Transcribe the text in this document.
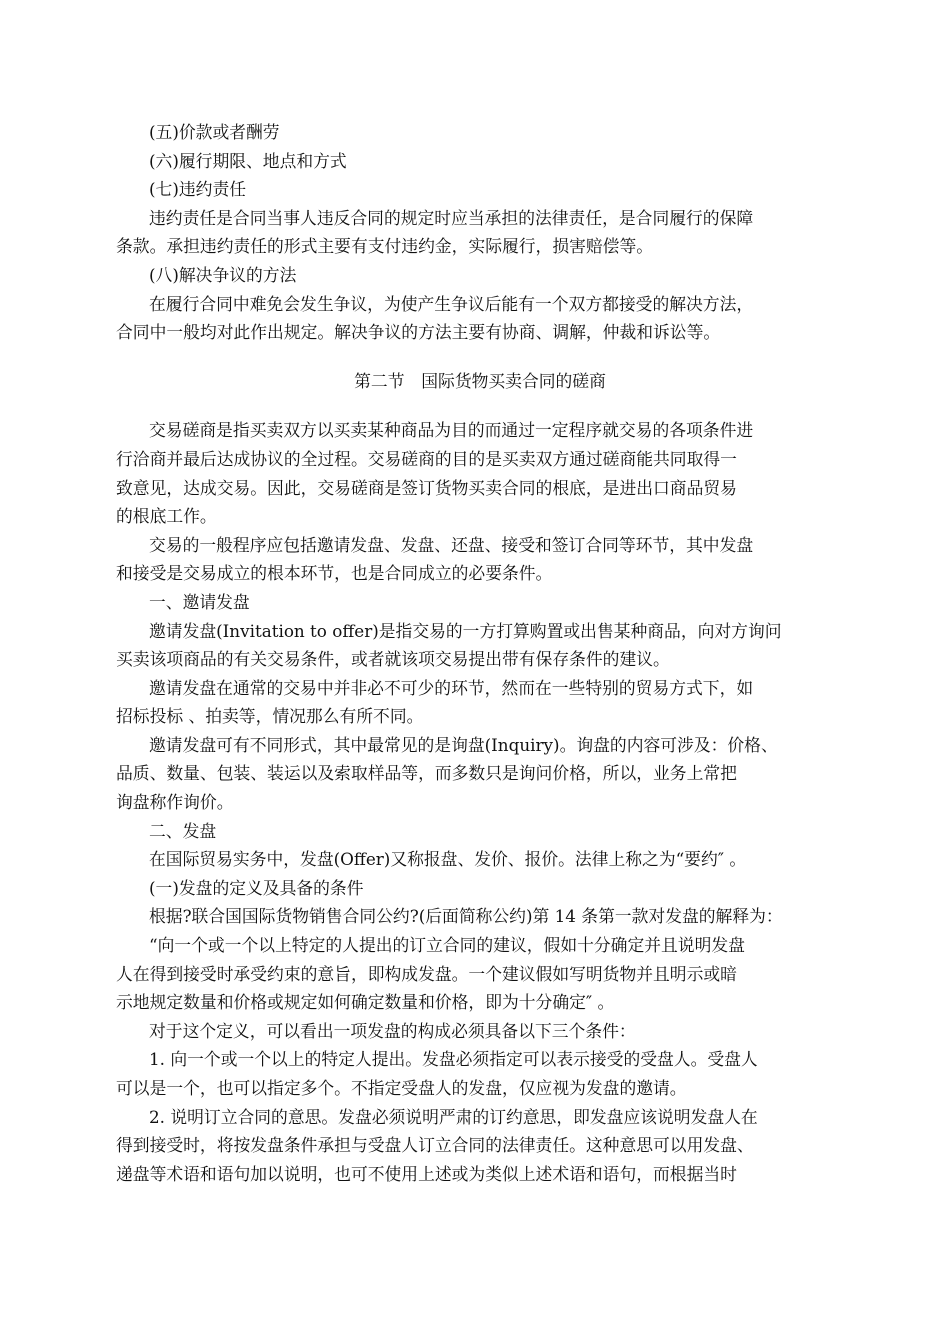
(五)价款或者酬劳

(六)履行期限、地点和方式

(七)违约责任

违约责任是合同当事人违反合同的规定时应当承担的法律责任，是合同履行的保障

条款。承担违约责任的形式主要有支付违约金，实际履行，损害赔偿等。

(八)解决争议的方法

在履行合同中难免会发生争议，为使产生争议后能有一个双方都接受的解决方法，

合同中一般均对此作出规定。解决争议的方法主要有协商、调解，仲裁和诉讼等。

第二节　国际货物买卖合同的磋商

交易磋商是指买卖双方以买卖某种商品为目的而通过一定程序就交易的各项条件进

行洽商并最后达成协议的全过程。交易磋商的目的是买卖双方通过磋商能共同取得一

致意见，达成交易。因此，交易磋商是签订货物买卖合同的根底，是进出口商品贸易

的根底工作。

交易的一般程序应包括邀请发盘、发盘、还盘、接受和签订合同等环节，其中发盘

和接受是交易成立的根本环节，也是合同成立的必要条件。

一、邀请发盘

邀请发盘(Invitation to offer)是指交易的一方打算购置或出售某种商品，向对方询问

买卖该项商品的有关交易条件，或者就该项交易提出带有保存条件的建议。

邀请发盘在通常的交易中并非必不可少的环节，然而在一些特别的贸易方式下，如

招标投标 、拍卖等，情况那么有所不同。

邀请发盘可有不同形式，其中最常见的是询盘(Inquiry)。询盘的内容可涉及：价格、

品质、数量、包装、装运以及索取样品等，而多数只是询问价格，所以，业务上常把

询盘称作询价。

二、发盘

在国际贸易实务中，发盘(Offer)又称报盘、发价、报价。法律上称之为“要约″ 。

(一)发盘的定义及具备的条件

根据?联合国国际货物销售合同公约?(后面简称公约)第 14 条第一款对发盘的解释为：

“向一个或一个以上特定的人提出的订立合同的建议，假如十分确定并且说明发盘

人在得到接受时承受约束的意旨，即构成发盘。一个建议假如写明货物并且明示或暗

示地规定数量和价格或规定如何确定数量和价格，即为十分确定″ 。

对于这个定义，可以看出一项发盘的构成必须具备以下三个条件：

1. 向一个或一个以上的特定人提出。发盘必须指定可以表示接受的受盘人。受盘人

可以是一个，也可以指定多个。不指定受盘人的发盘，仅应视为发盘的邀请。

2. 说明订立合同的意思。发盘必须说明严肃的订约意思，即发盘应该说明发盘人在

得到接受时，将按发盘条件承担与受盘人订立合同的法律责任。这种意思可以用发盘、

递盘等术语和语句加以说明，也可不使用上述或为类似上述术语和语句，而根据当时
